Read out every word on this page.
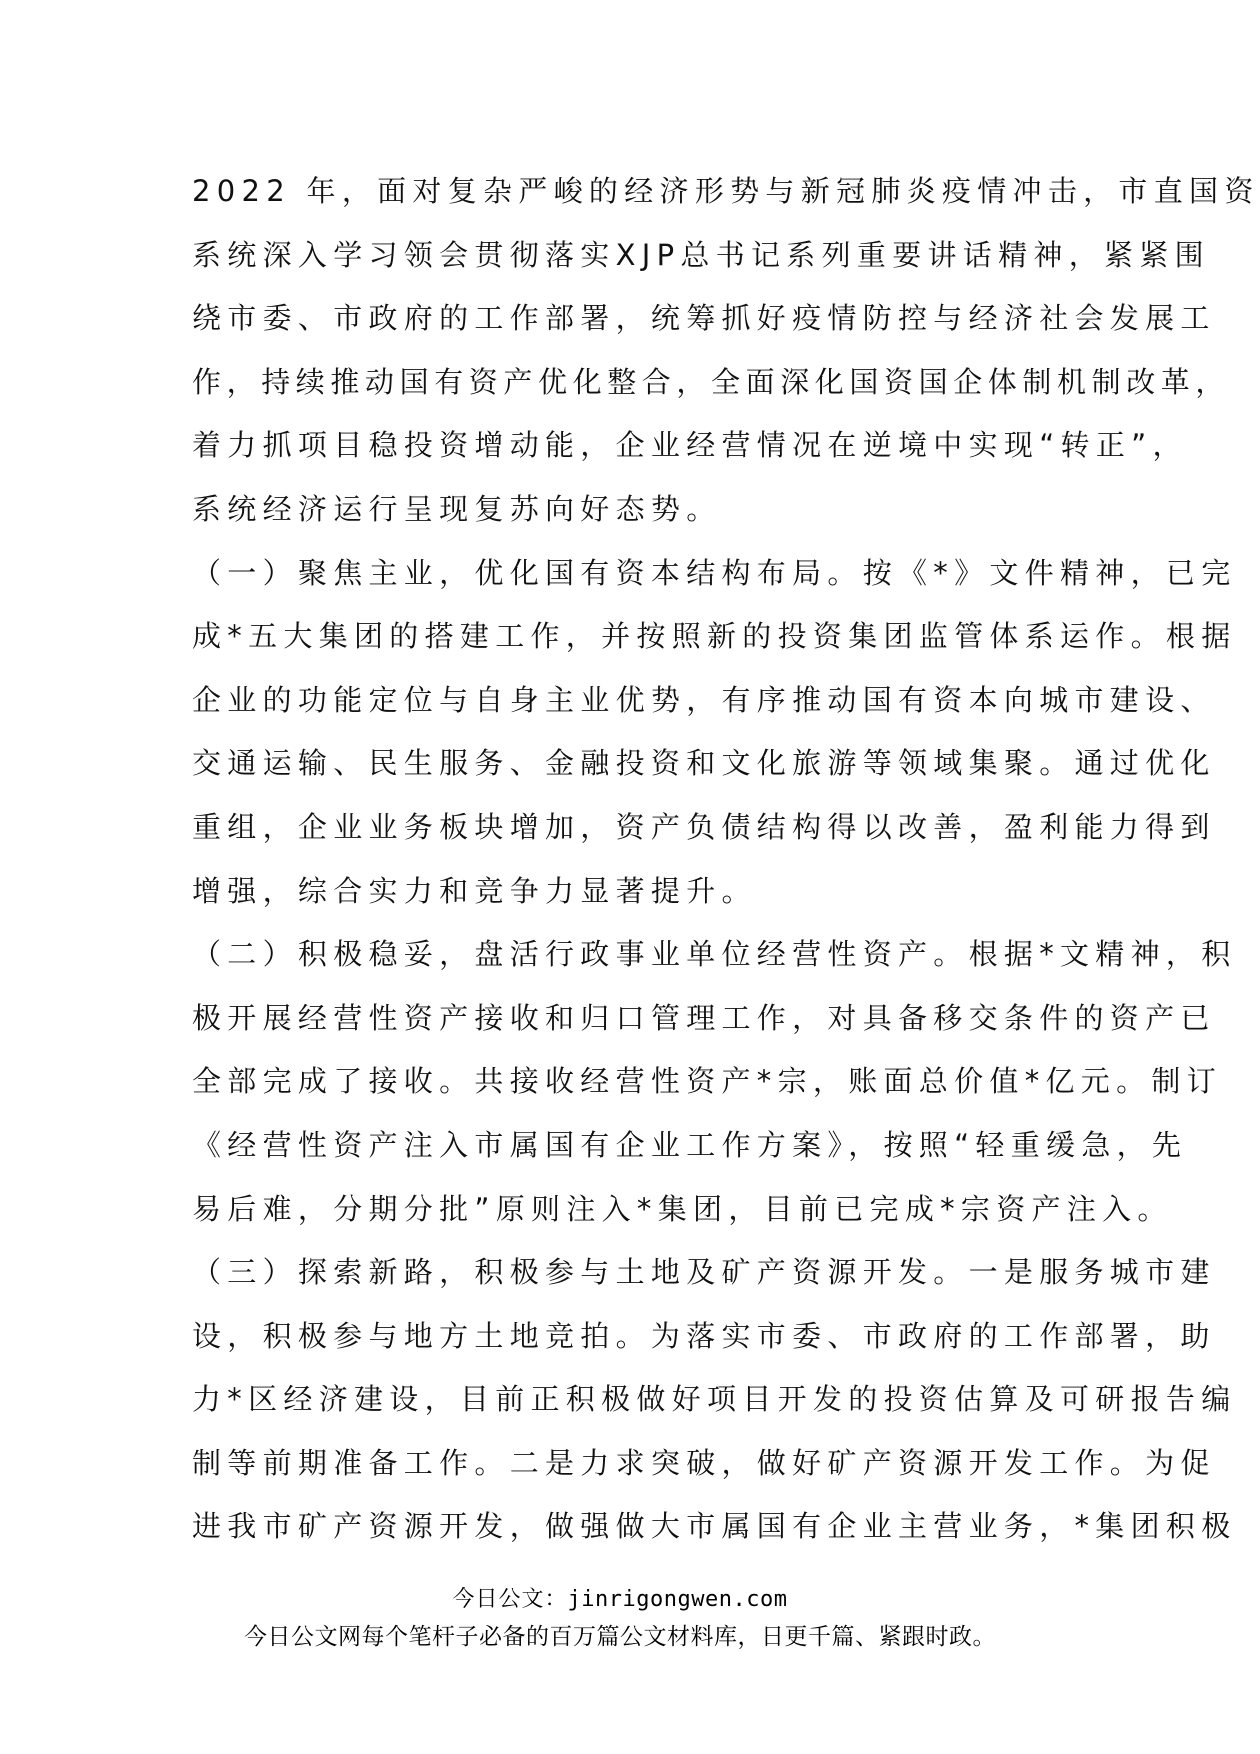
2022 年，面对复杂严峻的经济形势与新冠肺炎疫情冲击，市直国资
系统深入学习领会贯彻落实XJP总书记系列重要讲话精神，紧紧围
绕市委、市政府的工作部署，统筹抓好疫情防控与经济社会发展工
作，持续推动国有资产优化整合，全面深化国资国企体制机制改革，
着力抓项目稳投资增动能，企业经营情况在逆境中实现“转正”，
系统经济运行呈现复苏向好态势。
（一）聚焦主业，优化国有资本结构布局。按《*》文件精神，已完
成*五大集团的搭建工作，并按照新的投资集团监管体系运作。根据
企业的功能定位与自身主业优势，有序推动国有资本向城市建设、
交通运输、民生服务、金融投资和文化旅游等领域集聚。通过优化
重组，企业业务板块增加，资产负债结构得以改善，盈利能力得到
增强，综合实力和竞争力显著提升。
（二）积极稳妥，盘活行政事业单位经营性资产。根据*文精神，积
极开展经营性资产接收和归口管理工作，对具备移交条件的资产已
全部完成了接收。共接收经营性资产*宗，账面总价值*亿元。制订
《经营性资产注入市属国有企业工作方案》，按照“轻重缓急，先
易后难，分期分批”原则注入*集团，目前已完成*宗资产注入。
（三）探索新路，积极参与土地及矿产资源开发。一是服务城市建
设，积极参与地方土地竞拍。为落实市委、市政府的工作部署，助
力*区经济建设，目前正积极做好项目开发的投资估算及可研报告编
制等前期准备工作。二是力求突破，做好矿产资源开发工作。为促
进我市矿产资源开发，做强做大市属国有企业主营业务，*集团积极
今日公文：jinrigongwen.com
今日公文网每个笔杆子必备的百万篇公文材料库，日更千篇、紧跟时政。
